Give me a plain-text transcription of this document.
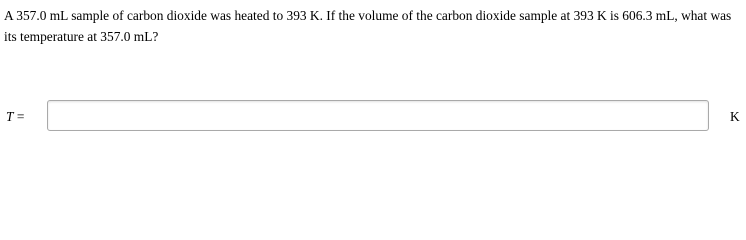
A 357.0 mL sample of carbon dioxide was heated to 393 K. If the volume of the carbon dioxide sample at 393 K is 606.3 mL, what was its temperature at 357.0 mL?

T =	K
